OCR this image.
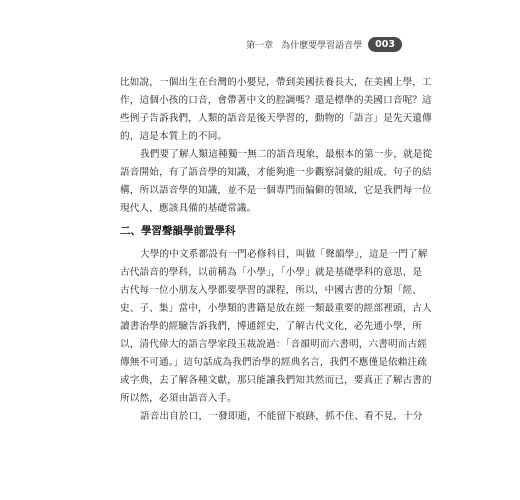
第一章 為什麼要學習語音學	003
比如說，一個出生在台灣的小嬰兒，帶到美國扶養長大，在美國上學，工
作，這個小孩的口音，會帶著中文的腔調嗎？還是標準的美國口音呢？這
些例子告訴我們，人類的語音是後天學習的，動物的「語言」是先天遺傳
的，這是本質上的不同。
我們要了解人類這種獨一無二的語音現象，最根本的第一步，就是從
語音開始，有了語音學的知識，才能夠進一步觀察詞彙的組成、句子的結
構，所以語音學的知識，並不是一個專門而偏僻的領域，它是我們每一位
現代人，應該具備的基礎常識。
二、學習聲韻學前置學科
大學的中文系都設有一門必修科目，叫做「聲韻學」，這是一門了解
古代語音的學科，以前稱為「小學」，「小學」就是基礎學科的意思，是
古代每一位小朋友入學都要學習的課程，所以，中國古書的分類「經、
史、子、集」當中，小學類的書籍是放在經一類最重要的經部裡頭，古人
讀書治學的經驗告訴我們，博通經史，了解古代文化，必先通小學，所
以，清代偉大的語言學家段玉裁說過：「音韻明而六書明，六書明而古經
傳無不可通。」這句話成為我們治學的經典名言，我們不應僅是依賴注疏
或字典，去了解各種文獻，那只能讓我們知其然而已，要真正了解古書的
所以然，必須由語音入手。
語音出自於口，一發即逝，不能留下痕跡，抓不住、看不見，十分
